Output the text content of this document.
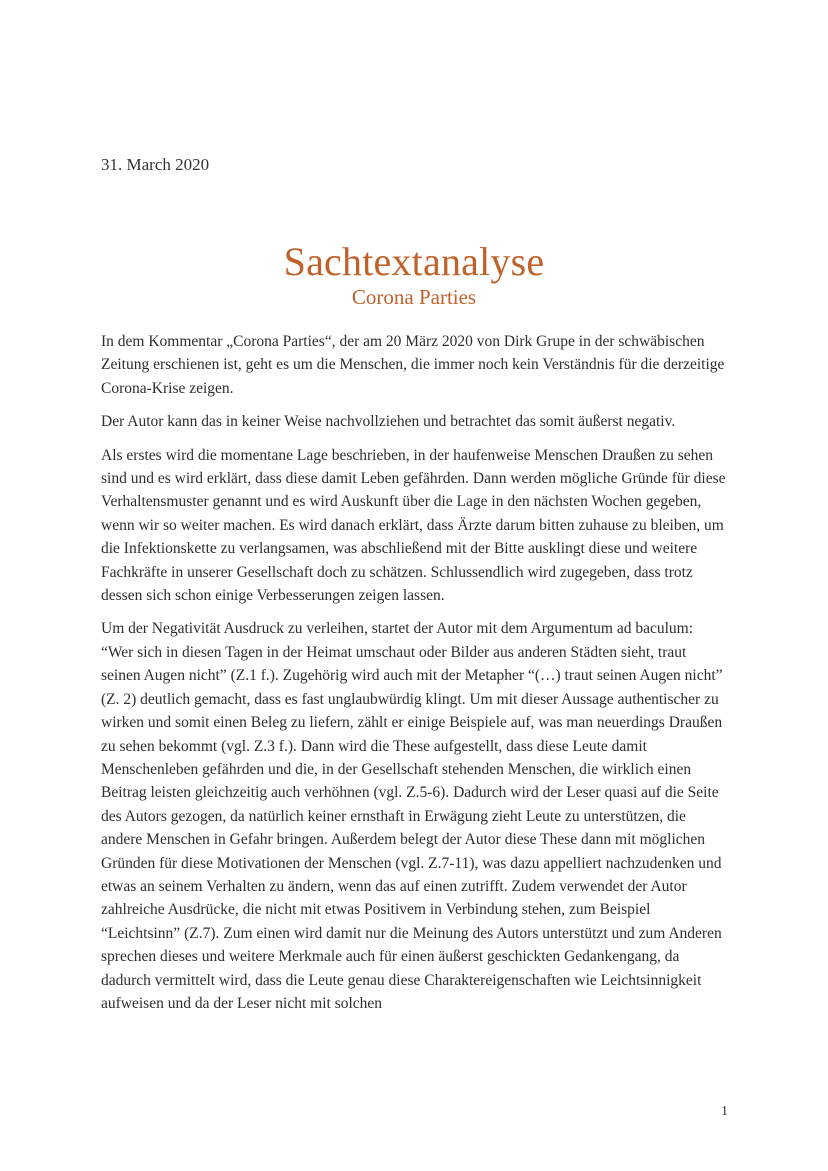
31. March 2020
Sachtextanalyse
Corona Parties

In dem Kommentar „Corona Parties“, der am 20 März 2020 von Dirk Grupe in der schwäbischen Zeitung erschienen ist, geht es um die Menschen, die immer noch kein Verständnis für die derzeitige Corona-Krise zeigen.

Der Autor kann das in keiner Weise nachvollziehen und betrachtet das somit äußerst negativ.

Als erstes wird die momentane Lage beschrieben, in der haufenweise Menschen Draußen zu sehen sind und es wird erklärt, dass diese damit Leben gefährden. Dann werden mögliche Gründe für diese Verhaltensmuster genannt und es wird Auskunft über die Lage in den nächsten Wochen gegeben, wenn wir so weiter machen. Es wird danach erklärt, dass Ärzte darum bitten zuhause zu bleiben, um die Infektionskette zu verlangsamen, was abschließend mit der Bitte ausklingt diese und weitere Fachkräfte in unserer Gesellschaft doch zu schätzen. Schlussendlich wird zugegeben, dass trotz dessen sich schon einige Verbesserungen zeigen lassen.

Um der Negativität Ausdruck zu verleihen, startet der Autor mit dem Argumentum ad baculum: “Wer sich in diesen Tagen in der Heimat umschaut oder Bilder aus anderen Städten sieht, traut seinen Augen nicht” (Z.1 f.). Zugehörig wird auch mit der Metapher “(…) traut seinen Augen nicht” (Z. 2) deutlich gemacht, dass es fast unglaubwürdig klingt. Um mit dieser Aussage authentischer zu wirken und somit einen Beleg zu liefern, zählt er einige Beispiele auf, was man neuerdings Draußen zu sehen bekommt (vgl. Z.3 f.). Dann wird die These aufgestellt, dass diese Leute damit Menschenleben gefährden und die, in der Gesellschaft stehenden Menschen, die wirklich einen Beitrag leisten gleichzeitig auch verhöhnen (vgl. Z.5-6). Dadurch wird der Leser quasi auf die Seite des Autors gezogen, da natürlich keiner ernsthaft in Erwägung zieht Leute zu unterstützen, die andere Menschen in Gefahr bringen. Außerdem belegt der Autor diese These dann mit möglichen Gründen für diese Motivationen der Menschen (vgl. Z.7-11), was dazu appelliert nachzudenken und etwas an seinem Verhalten zu ändern, wenn das auf einen zutrifft. Zudem verwendet der Autor zahlreiche Ausdrücke, die nicht mit etwas Positivem in Verbindung stehen, zum Beispiel “Leichtsinn” (Z.7). Zum einen wird damit nur die Meinung des Autors unterstützt und zum Anderen sprechen dieses und weitere Merkmale auch für einen äußerst geschickten Gedankengang, da dadurch vermittelt wird, dass die Leute genau diese Charaktereigenschaften wie Leichtsinnigkeit aufweisen und da der Leser nicht mit solchen

1
